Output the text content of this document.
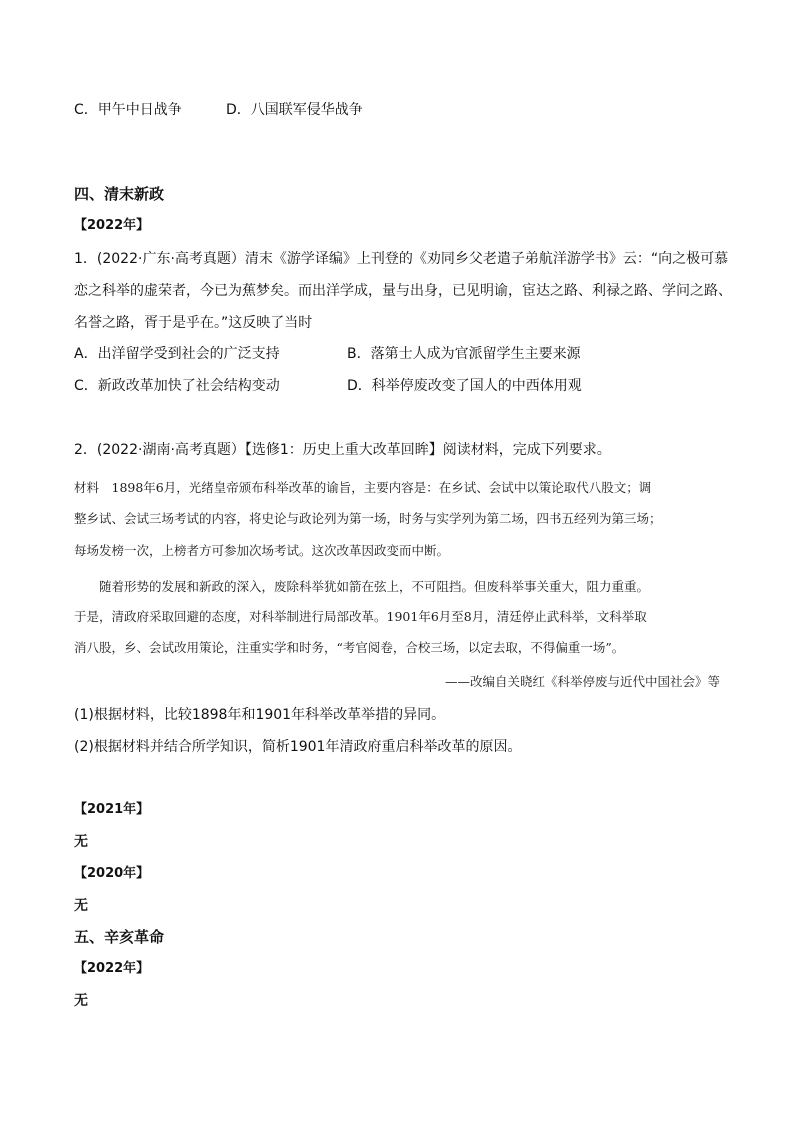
C．甲午中日战争	D．八国联军侵华战争
四、清末新政
【2022年】
1．(2022·广东·高考真题）清末《游学译编》上刊登的《劝同乡父老遣子弟航洋游学书》云：“向之极可慕
恋之科举的虚荣者，今已为蕉梦矣。而出洋学成，量与出身，已见明谕，宦达之路、利禄之路、学问之路、
名誉之路，胥于是乎在。”这反映了当时
A．出洋留学受到社会的广泛支持	B．落第士人成为官派留学生主要来源
C．新政改革加快了社会结构变动	D．科举停废改变了国人的中西体用观
2．(2022·湖南·高考真题）【选修1：历史上重大改革回眸】阅读材料，完成下列要求。
材料　1898年6月，光绪皇帝颁布科举改革的谕旨，主要内容是：在乡试、会试中以策论取代八股文；调
整乡试、会试三场考试的内容，将史论与政论列为第一场，时务与实学列为第二场，四书五经列为第三场；
每场发榜一次，上榜者方可参加次场考试。这次改革因政变而中断。
　　随着形势的发展和新政的深入，废除科举犹如箭在弦上，不可阻挡。但废科举事关重大，阻力重重。
于是，清政府采取回避的态度，对科举制进行局部改革。1901年6月至8月，清廷停止武科举，文科举取
消八股，乡、会试改用策论，注重实学和时务，“考官阅卷，合校三场，以定去取，不得偏重一场”。
——改编自关晓红《科举停废与近代中国社会》等
(1)根据材料，比较1898年和1901年科举改革举措的异同。
(2)根据材料并结合所学知识，简析1901年清政府重启科举改革的原因。
【2021年】
无
【2020年】
无
五、辛亥革命
【2022年】
无
